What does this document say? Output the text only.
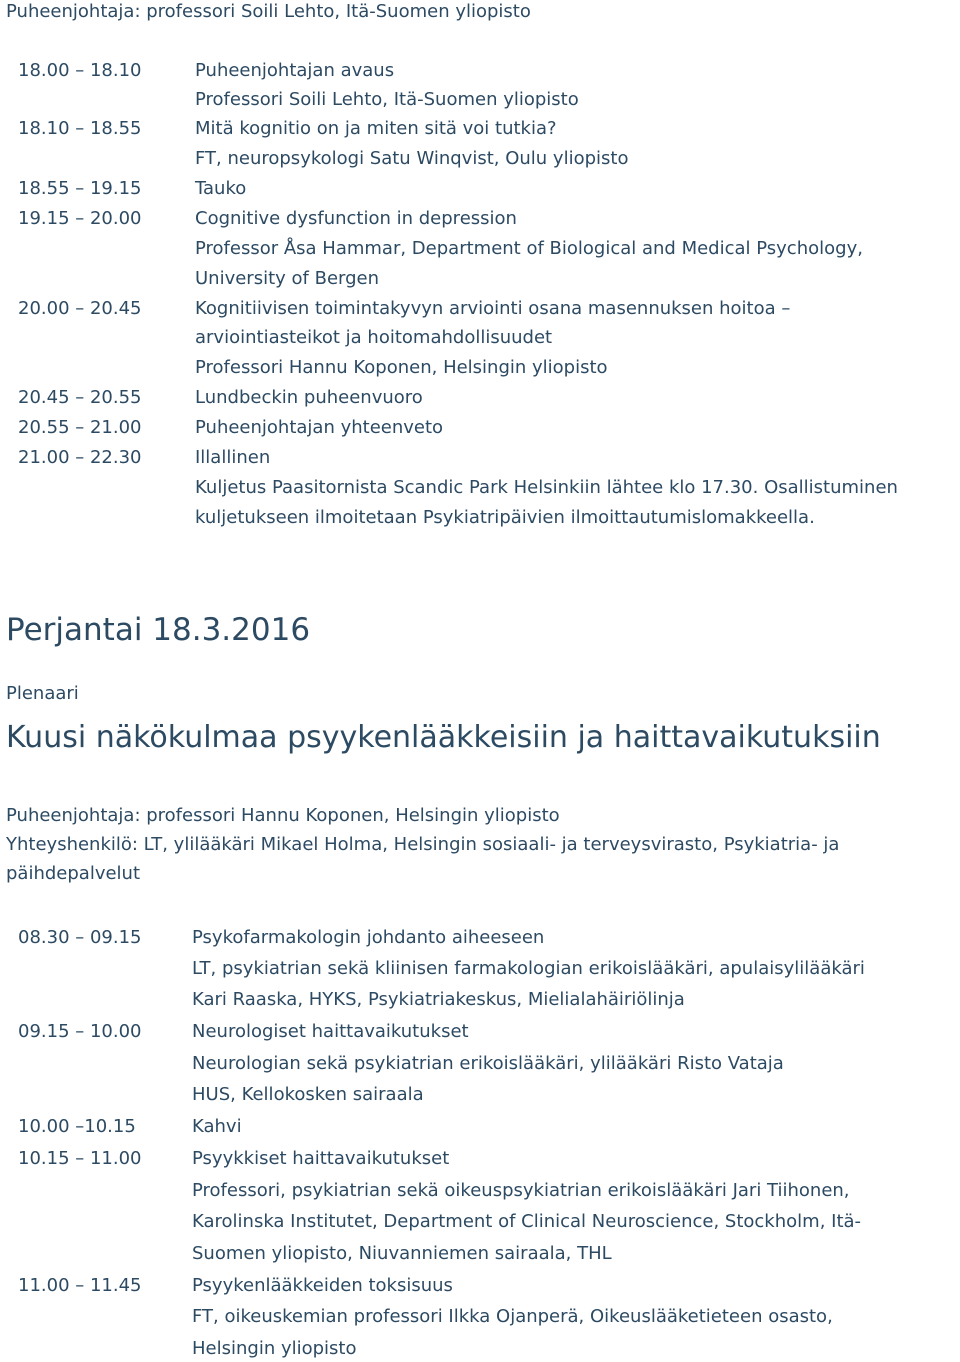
Puheenjohtaja: professori Soili Lehto, Itä-Suomen yliopisto
18.00 – 18.10	Puheenjohtajan avaus
Professori Soili Lehto, Itä-Suomen yliopisto
18.10 – 18.55	Mitä kognitio on ja miten sitä voi tutkia?
FT, neuropsykologi Satu Winqvist, Oulu yliopisto
18.55 – 19.15	Tauko
19.15 – 20.00	Cognitive dysfunction in depression
Professor Åsa Hammar, Department of Biological and Medical Psychology,
University of Bergen
20.00 – 20.45	Kognitiivisen toimintakyvyn arviointi osana masennuksen hoitoa –
arviointiasteikot ja hoitomahdollisuudet
Professori Hannu Koponen, Helsingin yliopisto
20.45 – 20.55	Lundbeckin puheenvuoro
20.55 – 21.00	Puheenjohtajan yhteenveto
21.00 – 22.30	Illallinen
Kuljetus Paasitornista Scandic Park Helsinkiin lähtee klo 17.30. Osallistuminen
kuljetukseen ilmoitetaan Psykiatripäivien ilmoittautumislomakkeella.
Perjantai 18.3.2016
Plenaari
Kuusi näkökulmaa psyykenlääkkeisiin ja haittavaikutuksiin
Puheenjohtaja: professori Hannu Koponen, Helsingin yliopisto
Yhteyshenkilö: LT, ylilääkäri Mikael Holma, Helsingin sosiaali- ja terveysvirasto, Psykiatria- ja
päihdepalvelut
08.30 – 09.15	Psykofarmakologin johdanto aiheeseen
LT, psykiatrian sekä kliinisen farmakologian erikoislääkäri, apulaisylilääkäri
Kari Raaska, HYKS, Psykiatriakeskus, Mielialahäiriölinja
09.15 – 10.00	Neurologiset haittavaikutukset
Neurologian sekä psykiatrian erikoislääkäri, ylilääkäri Risto Vataja
HUS, Kellokosken sairaala
10.00 –10.15	Kahvi
10.15 – 11.00	Psyykkiset haittavaikutukset
Professori, psykiatrian sekä oikeuspsykiatrian erikoislääkäri Jari Tiihonen,
Karolinska Institutet, Department of Clinical Neuroscience, Stockholm, Itä-
Suomen yliopisto, Niuvanniemen sairaala, THL
11.00 – 11.45	Psyykenlääkkeiden toksisuus
FT, oikeuskemian professori Ilkka Ojanperä, Oikeuslääketieteen osasto,
Helsingin yliopisto
